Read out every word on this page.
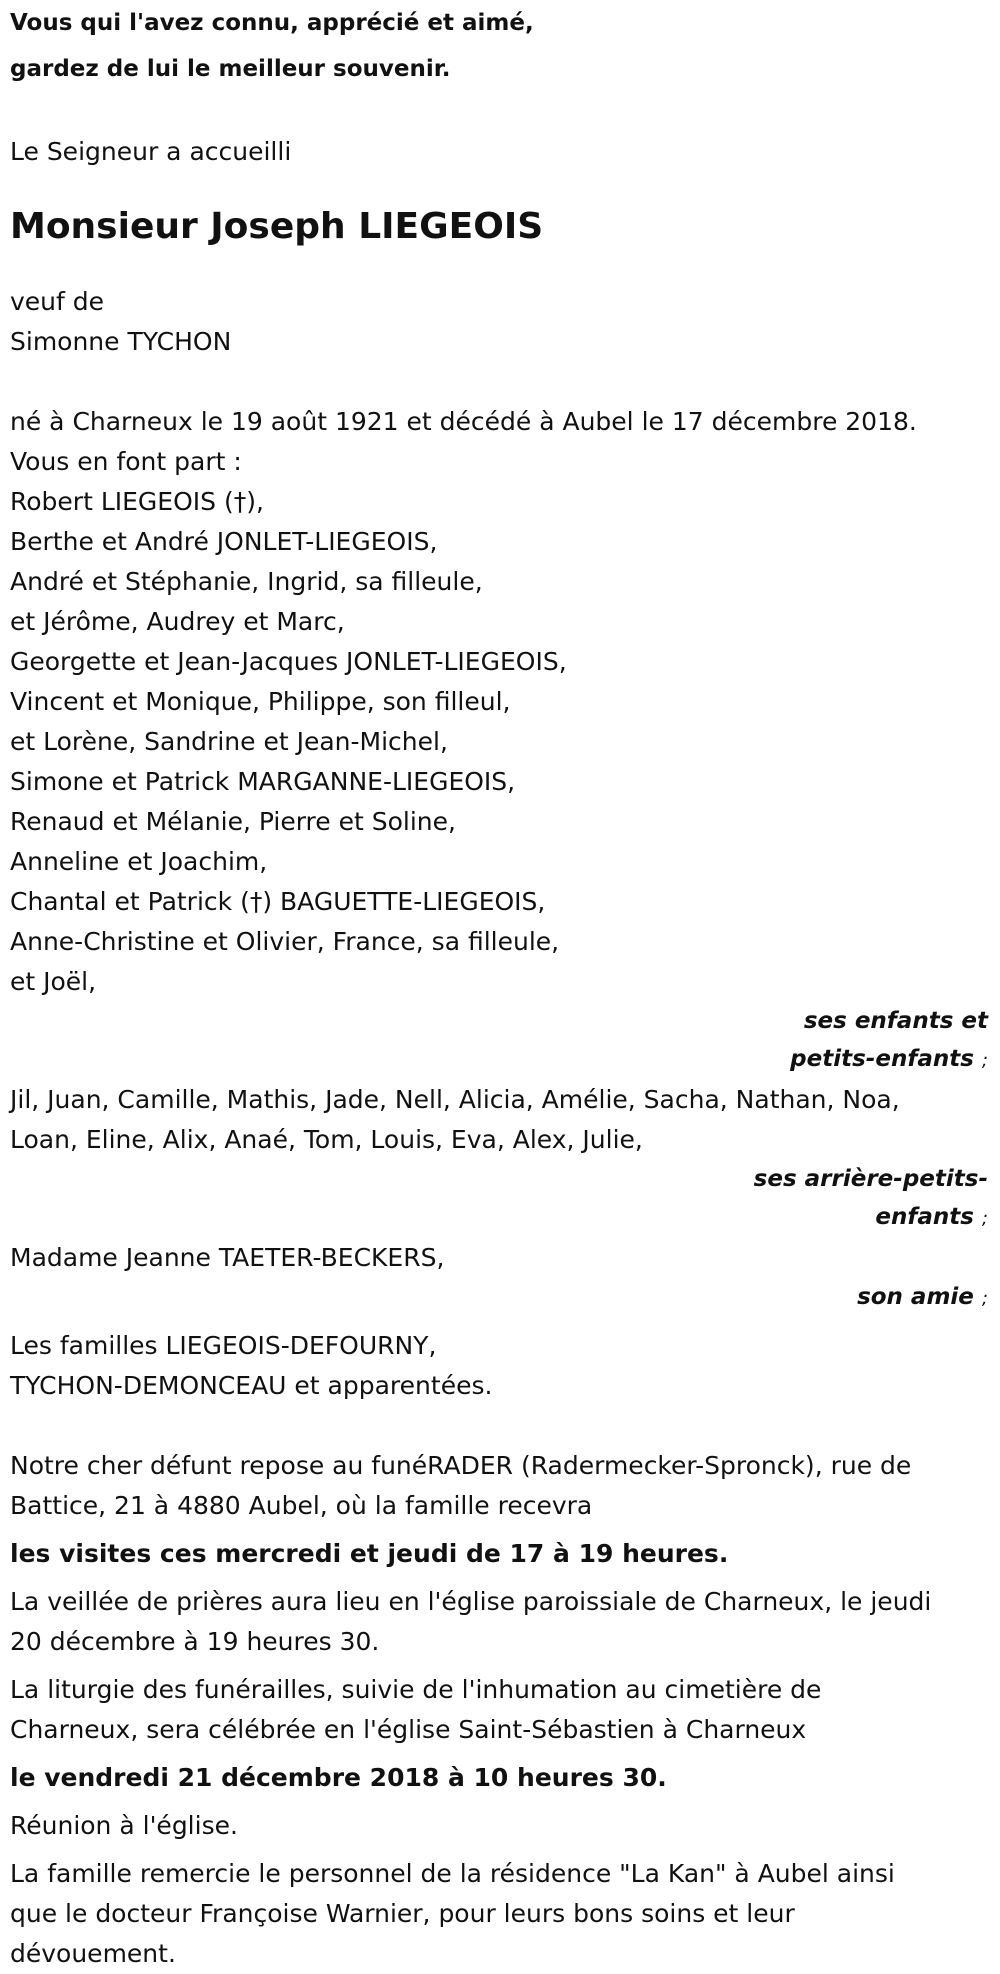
Vous qui l'avez connu, apprécié et aimé,

gardez de lui le meilleur souvenir.

Le Seigneur a accueilli

Monsieur Joseph LIEGEOIS

veuf de

Simonne TYCHON

né à Charneux le 19 août 1921 et décédé à Aubel le 17 décembre 2018.

Vous en font part :

Robert LIEGEOIS (†),

Berthe et André JONLET-LIEGEOIS,

André et Stéphanie, Ingrid, sa filleule,

et Jérôme, Audrey et Marc,

Georgette et Jean-Jacques JONLET-LIEGEOIS,

Vincent et Monique, Philippe, son filleul,

et Lorène, Sandrine et Jean-Michel,

Simone et Patrick MARGANNE-LIEGEOIS,

Renaud et Mélanie, Pierre et Soline,

Anneline et Joachim,

Chantal et Patrick (†) BAGUETTE-LIEGEOIS,

Anne-Christine et Olivier, France, sa filleule,

et Joël,

ses enfants et

petits-enfants ;

Jil, Juan, Camille, Mathis, Jade, Nell, Alicia, Amélie, Sacha, Nathan, Noa,

Loan, Eline, Alix, Anaé, Tom, Louis, Eva, Alex, Julie,

ses arrière-petits-

enfants ;

Madame Jeanne TAETER-BECKERS,

son amie ;

Les familles LIEGEOIS-DEFOURNY,

TYCHON-DEMONCEAU et apparentées.

Notre cher défunt repose au funéRADER (Radermecker-Spronck), rue de

Battice, 21 à 4880 Aubel, où la famille recevra

les visites ces mercredi et jeudi de 17 à 19 heures.

La veillée de prières aura lieu en l'église paroissiale de Charneux, le jeudi

20 décembre à 19 heures 30.

La liturgie des funérailles, suivie de l'inhumation au cimetière de

Charneux, sera célébrée en l'église Saint-Sébastien à Charneux

le vendredi 21 décembre 2018 à 10 heures 30.

Réunion à l'église.

La famille remercie le personnel de la résidence "La Kan" à Aubel ainsi

que le docteur Françoise Warnier, pour leurs bons soins et leur

dévouement.
